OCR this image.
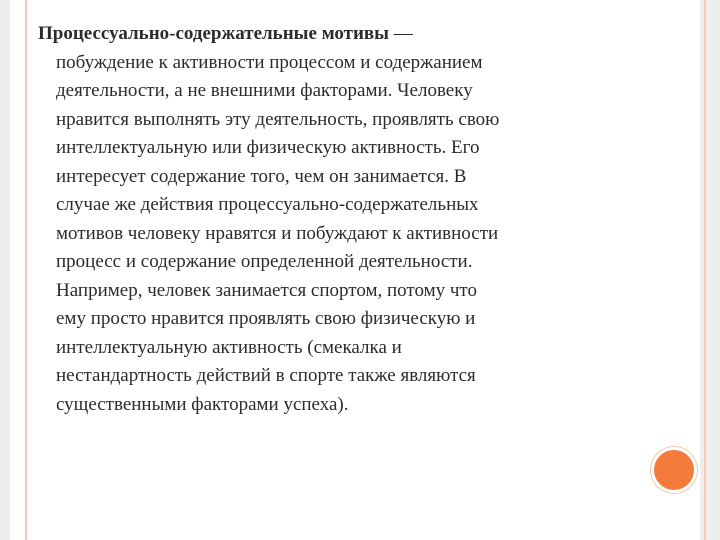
Процессуально-содержательные мотивы —
побуждение к активности процессом и содержанием
деятельности, а не внешними факторами. Человеку
нравится выполнять эту деятельность, проявлять свою
интеллектуальную или физическую активность. Его
интересует содержание того, чем он занимается. В
случае же действия процессуально-содержательных
мотивов человеку нравятся и побуждают к активности
процесс и содержание определенной деятельности.
Например, человек занимается спортом, потому что
ему просто нравится проявлять свою физическую и
интеллектуальную активность (смекалка и
нестандартность действий в спорте также являются
существенными факторами успеха).
